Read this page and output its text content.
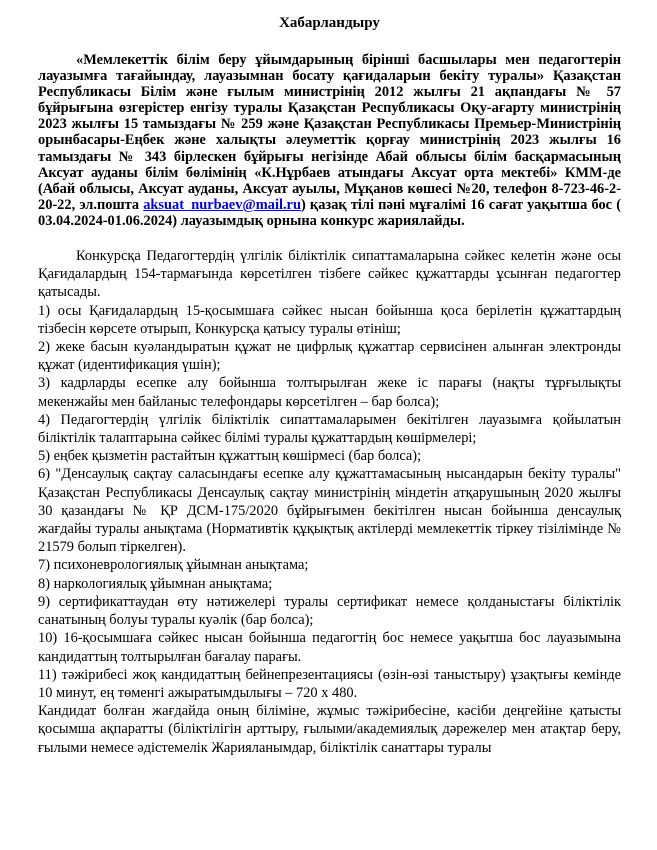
Хабарландыру
«Мемлекеттік білім беру ұйымдарының бірінші басшылары мен педагогтерін лауазымға тағайындау, лауазымнан босату қағидаларын бекіту туралы» Қазақстан Республикасы Білім және ғылым министрінің 2012 жылғы 21 ақпандағы № 57 бұйрығына өзгерістер енгізу туралы Қазақстан Республикасы Оқу-ағарту министрінің 2023 жылғы 15 тамыздағы № 259 және Қазақстан Республикасы Премьер-Министрінің орынбасары-Еңбек және халықты әлеуметтік қорғау министрінің 2023 жылғы 16 тамыздағы № 343 бірлескен бұйрығы негізінде Абай облысы білім басқармасының Аксуат ауданы білім бөлімінің «К.Нұрбаев атындағы Аксуат орта мектебі» КММ-де (Абай облысы, Аксуат ауданы, Аксуат ауылы, Мұқанов көшесі №20, телефон 8-723-46-2-20-22, эл.пошта aksuat_nurbaev@mail.ru) қазақ тілі пәні мұғалімі 16 сағат уақытша бос ( 03.04.2024-01.06.2024) лауазымдық орнына конкурс жариялайды.

Конкурсқа Педагогтердің үлгілік біліктілік сипаттамаларына сәйкес келетін және осы Қағидалардың 154-тармағында көрсетілген тізбеге сәйкес құжаттарды ұсынған педагогтер қатысады.

1) осы Қағидалардың 15-қосымшаға сәйкес нысан бойынша қоса берілетін құжаттардың тізбесін көрсете отырып, Конкурсқа қатысу туралы өтініш;

2) жеке басын куәландыратын құжат не цифрлық құжаттар сервисінен алынған электронды құжат (идентификация үшін);

3) кадрларды есепке алу бойынша толтырылған жеке іс парағы (нақты тұрғылықты мекенжайы мен байланыс телефондары көрсетілген – бар болса);

4) Педагогтердің үлгілік біліктілік сипаттамаларымен бекітілген лауазымға қойылатын біліктілік талаптарына сәйкес білімі туралы құжаттардың көшірмелері;

5) еңбек қызметін растайтын құжаттың көшірмесі (бар болса);

6) "Денсаулық сақтау саласындағы есепке алу құжаттамасының нысандарын бекіту туралы" Қазақстан Республикасы Денсаулық сақтау министрінің міндетін атқарушының 2020 жылғы 30 қазандағы № ҚР ДСМ-175/2020 бұйрығымен бекітілген нысан бойынша денсаулық жағдайы туралы анықтама (Нормативтік құқықтық актілерді мемлекеттік тіркеу тізілімінде № 21579 болып тіркелген).

7) психоневрологиялық ұйымнан анықтама;

8) наркологиялық ұйымнан анықтама;

9) сертификаттаудан өту нәтижелері туралы сертификат немесе қолданыстағы біліктілік санатының болуы туралы куәлік (бар болса);

10) 16-қосымшаға сәйкес нысан бойынша педагогтің бос немесе уақытша бос лауазымына кандидаттың толтырылған бағалау парағы.

11) тәжірибесі жоқ кандидаттың бейнепрезентациясы (өзін-өзі таныстыру) ұзақтығы кемінде 10 минут, ең төменгі ажыратымдылығы – 720 x 480.

Кандидат болған жағдайда оның біліміне, жұмыс тәжірибесіне, кәсіби деңгейіне қатысты қосымша ақпаратты (біліктілігін арттыру, ғылыми/академиялық дәрежелер мен атақтар беру, ғылыми немесе әдістемелік Жарияланымдар, біліктілік санаттары туралы
